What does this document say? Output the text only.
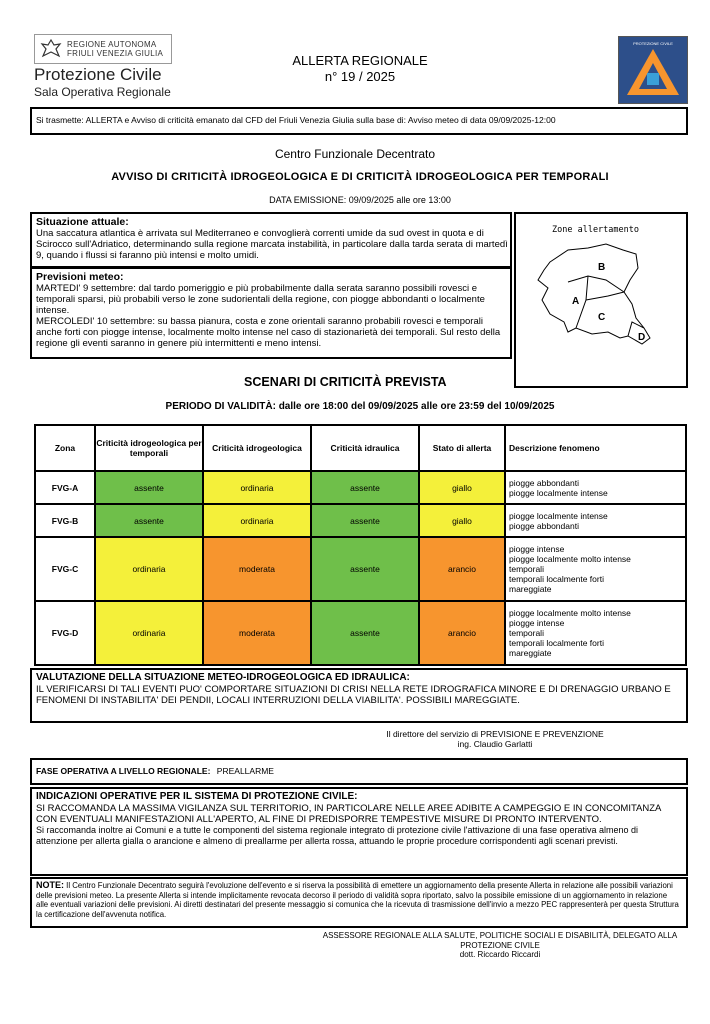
REGIONE AUTONOMA
FRIULI VENEZIA GIULIA
Protezione Civile
Sala Operativa Regionale
ALLERTA REGIONALE
n° 19 / 2025
PROTEZIONE CIVILE
Si trasmette: ALLERTA e Avviso di criticità emanato dal CFD del Friuli Venezia Giulia sulla base di: Avviso meteo di data 09/09/2025-12:00
Centro Funzionale Decentrato
AVVISO DI CRITICITÀ IDROGEOLOGICA E DI CRITICITÀ IDROGEOLOGICA PER TEMPORALI
DATA EMISSIONE: 09/09/2025 alle ore 13:00
Situazione attuale:
Una saccatura atlantica è arrivata sul Mediterraneo e convoglierà correnti umide da sud ovest in quota e di Scirocco sull'Adriatico, determinando sulla regione marcata instabilità, in particolare dalla tarda serata di martedì 9, quando i flussi si faranno più intensi e molto umidi.
Previsioni meteo:
MARTEDI' 9 settembre: dal tardo pomeriggio e più probabilmente dalla serata saranno possibili rovesci e temporali sparsi, più probabili verso le zone sudorientali della regione, con piogge abbondanti o localmente intense.
MERCOLEDI' 10 settembre: su bassa pianura, costa e zone orientali saranno probabili rovesci e temporali anche forti con piogge intense, localmente molto intense nel caso di stazionarietà dei temporali. Sul resto della regione gli eventi saranno in genere più intermittenti e meno intensi.
Zone allertamento
A
B
C
D
SCENARI DI CRITICITÀ PREVISTA
PERIODO DI VALIDITÀ: dalle ore 18:00 del 09/09/2025 alle ore 23:59 del 10/09/2025
Zona	Criticità idrogeologica per temporali	Criticità idrogeologica	Criticità idraulica	Stato di allerta	Descrizione fenomeno
FVG-A	assente	ordinaria	assente	giallo	piogge abbondanti
piogge localmente intense

FVG-B	assente	ordinaria	assente	giallo	piogge localmente intense
piogge abbondanti

FVG-C	ordinaria	moderata	assente	arancio	piogge intense
piogge localmente molto intense
temporali
temporali localmente forti
mareggiate

FVG-D	ordinaria	moderata	assente	arancio	piogge localmente molto intense
piogge intense
temporali
temporali localmente forti
mareggiate
VALUTAZIONE DELLA SITUAZIONE METEO-IDROGEOLOGICA ED IDRAULICA:
IL VERIFICARSI DI TALI EVENTI PUO' COMPORTARE SITUAZIONI DI CRISI NELLA RETE IDROGRAFICA MINORE E DI DRENAGGIO URBANO E FENOMENI DI INSTABILITA' DEI PENDII, LOCALI INTERRUZIONI DELLA VIABILITA'. POSSIBILI MAREGGIATE.
Il direttore del servizio di PREVISIONE E PREVENZIONE
ing. Claudio Garlatti
FASE OPERATIVA A LIVELLO REGIONALE: PREALLARME
INDICAZIONI OPERATIVE PER IL SISTEMA DI PROTEZIONE CIVILE:
SI RACCOMANDA LA MASSIMA VIGILANZA SUL TERRITORIO, IN PARTICOLARE NELLE AREE ADIBITE A CAMPEGGIO E IN CONCOMITANZA CON EVENTUALI MANIFESTAZIONI ALL'APERTO, AL FINE DI PREDISPORRE TEMPESTIVE MISURE DI PRONTO INTERVENTO.
Si raccomanda inoltre ai Comuni e a tutte le componenti del sistema regionale integrato di protezione civile l'attivazione di una fase operativa almeno di attenzione per allerta gialla o arancione e almeno di preallarme per allerta rossa, attuando le proprie procedure corrispondenti agli scenari previsti.
NOTE: Il Centro Funzionale Decentrato seguirà l'evoluzione dell'evento e si riserva la possibilità di emettere un aggiornamento della presente Allerta in relazione alle possibili variazioni delle previsioni meteo. La presente Allerta si intende implicitamente revocata decorso il periodo di validità sopra riportato, salvo la possibile emissione di un aggiornamento in relazione alle eventuali variazioni delle previsioni. Ai diretti destinatari del presente messaggio si comunica che la ricevuta di trasmissione dell'invio a mezzo PEC rappresenterà per questa Struttura la certificazione dell'avvenuta notifica.
ASSESSORE REGIONALE ALLA SALUTE, POLITICHE SOCIALI E DISABILITÀ, DELEGATO ALLA
PROTEZIONE CIVILE
dott. Riccardo Riccardi
